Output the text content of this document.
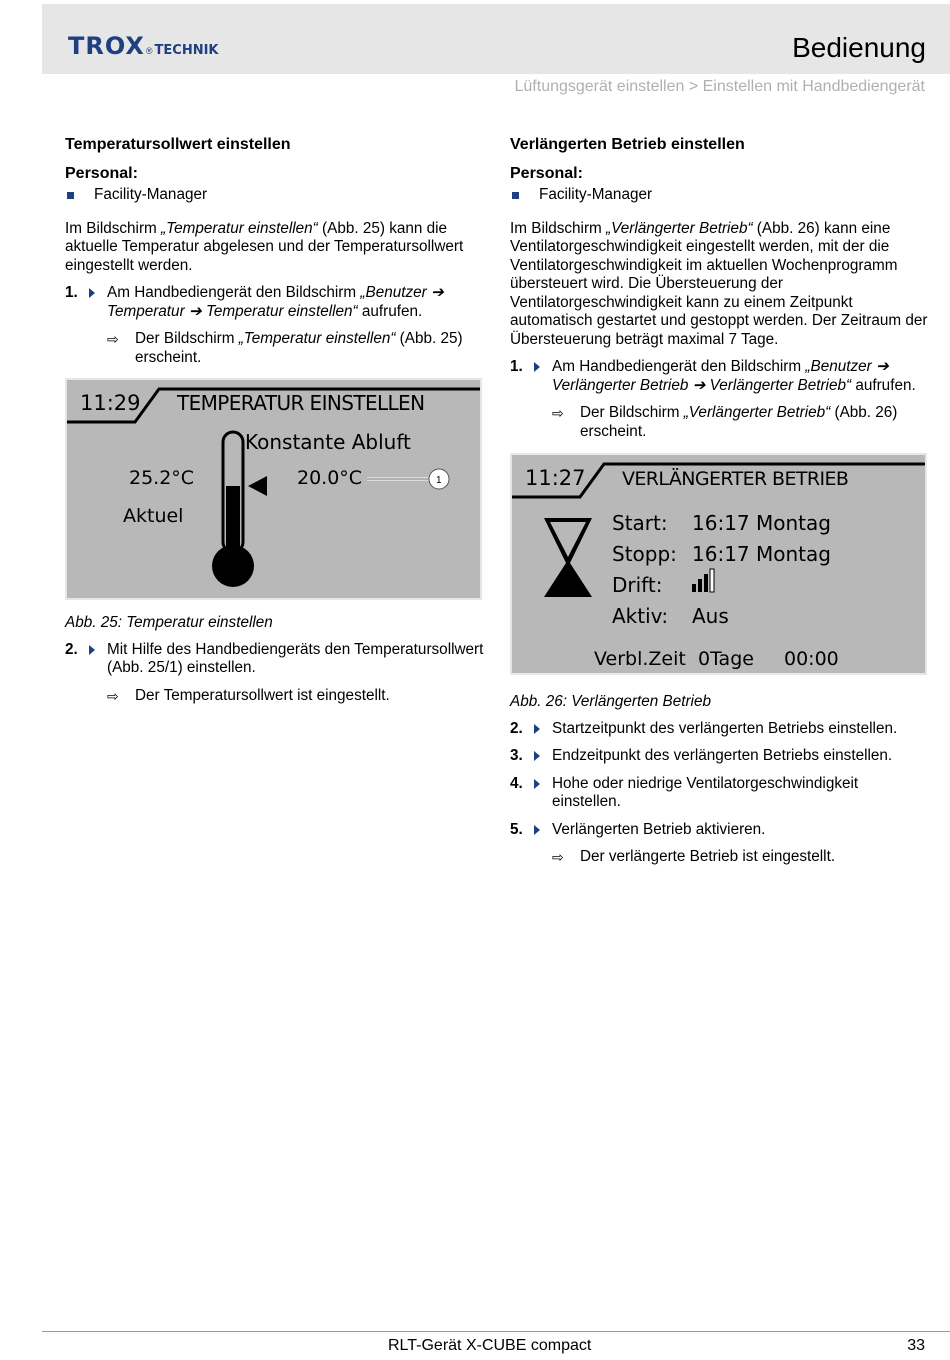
TROX ® TECHNIK	Bedienung
Lüftungsgerät einstellen > Einstellen mit Handbediengerät
Temperatursollwert einstellen
Personal:
Facility-Manager

Im Bildschirm „Temperatur einstellen“ (Abb. 25) kann die aktuelle Temperatur abgelesen und der Temperatursollwert eingestellt werden.

1.	Am Handbediengerät den Bildschirm „Benutzer ➔ Temperatur ➔ Temperatur einstellen“ aufrufen.
⇨	Der Bildschirm „Temperatur einstellen“ (Abb. 25) erscheint.
11:29 TEMPERATUR EINSTELLEN
Konstante Abluft
25.2°C	20.0°C
Aktuel
1
Abb. 25: Temperatur einstellen
2.	Mit Hilfe des Handbediengeräts den Temperatursollwert (Abb. 25/1) einstellen.
⇨	Der Temperatursollwert ist eingestellt.
Verlängerten Betrieb einstellen
Personal:
Facility-Manager

Im Bildschirm „Verlängerter Betrieb“ (Abb. 26) kann eine Ventilatorgeschwindigkeit eingestellt werden, mit der die Ventilatorgeschwindigkeit im aktuellen Wochenprogramm übersteuert wird. Die Übersteuerung der Ventilatorgeschwindigkeit kann zu einem Zeitpunkt automatisch gestartet und gestoppt werden. Der Zeitraum der Übersteuerung beträgt maximal 7 Tage.

1.	Am Handbediengerät den Bildschirm „Benutzer ➔ Verlängerter Betrieb ➔ Verlängerter Betrieb“ aufrufen.
⇨	Der Bildschirm „Verlängerter Betrieb“ (Abb. 26) erscheint.
11:27 VERLÄNGERTER BETRIEB
Start: 16:17 Montag
Stopp: 16:17 Montag
Drift:
Aktiv: Aus
Verbl.Zeit 0Tage 00:00
Abb. 26: Verlängerten Betrieb
2.	Startzeitpunkt des verlängerten Betriebs einstellen.
3.	Endzeitpunkt des verlängerten Betriebs einstellen.
4.	Hohe oder niedrige Ventilatorgeschwindigkeit einstellen.
5.	Verlängerten Betrieb aktivieren.
⇨	Der verlängerte Betrieb ist eingestellt.
RLT-Gerät X-CUBE compact	33
